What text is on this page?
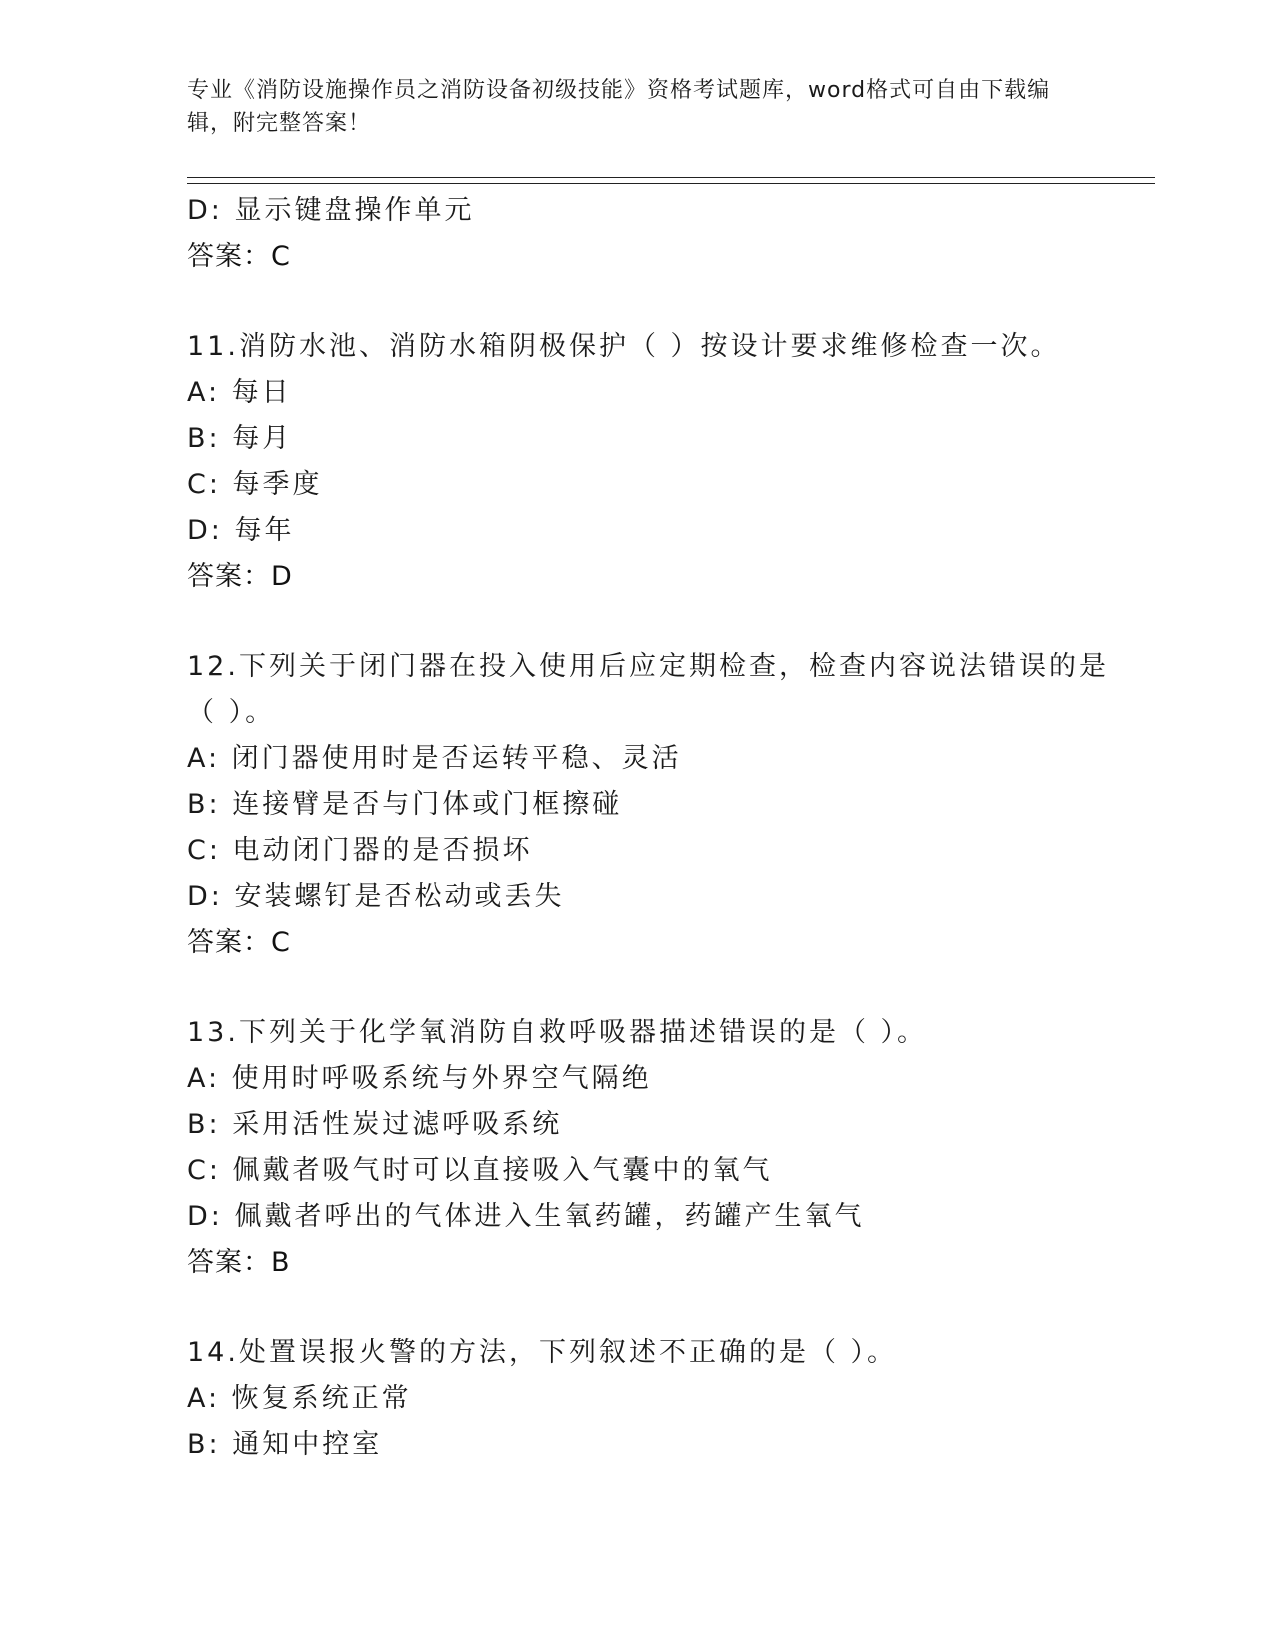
专业《消防设施操作员之消防设备初级技能》资格考试题库，word格式可自由下载编辑，附完整答案！
D: 显示键盘操作单元
答案：C
11.消防水池、消防水箱阴极保护（ ）按设计要求维修检查一次。
A: 每日
B: 每月
C: 每季度
D: 每年
答案：D
12.下列关于闭门器在投入使用后应定期检查，检查内容说法错误的是
（ ）。
A: 闭门器使用时是否运转平稳、灵活
B: 连接臂是否与门体或门框擦碰
C: 电动闭门器的是否损坏
D: 安装螺钉是否松动或丢失
答案：C
13.下列关于化学氧消防自救呼吸器描述错误的是（ ）。
A: 使用时呼吸系统与外界空气隔绝
B: 采用活性炭过滤呼吸系统
C: 佩戴者吸气时可以直接吸入气囊中的氧气
D: 佩戴者呼出的气体进入生氧药罐，药罐产生氧气
答案：B
14.处置误报火警的方法，下列叙述不正确的是（ ）。
A: 恢复系统正常
B: 通知中控室
